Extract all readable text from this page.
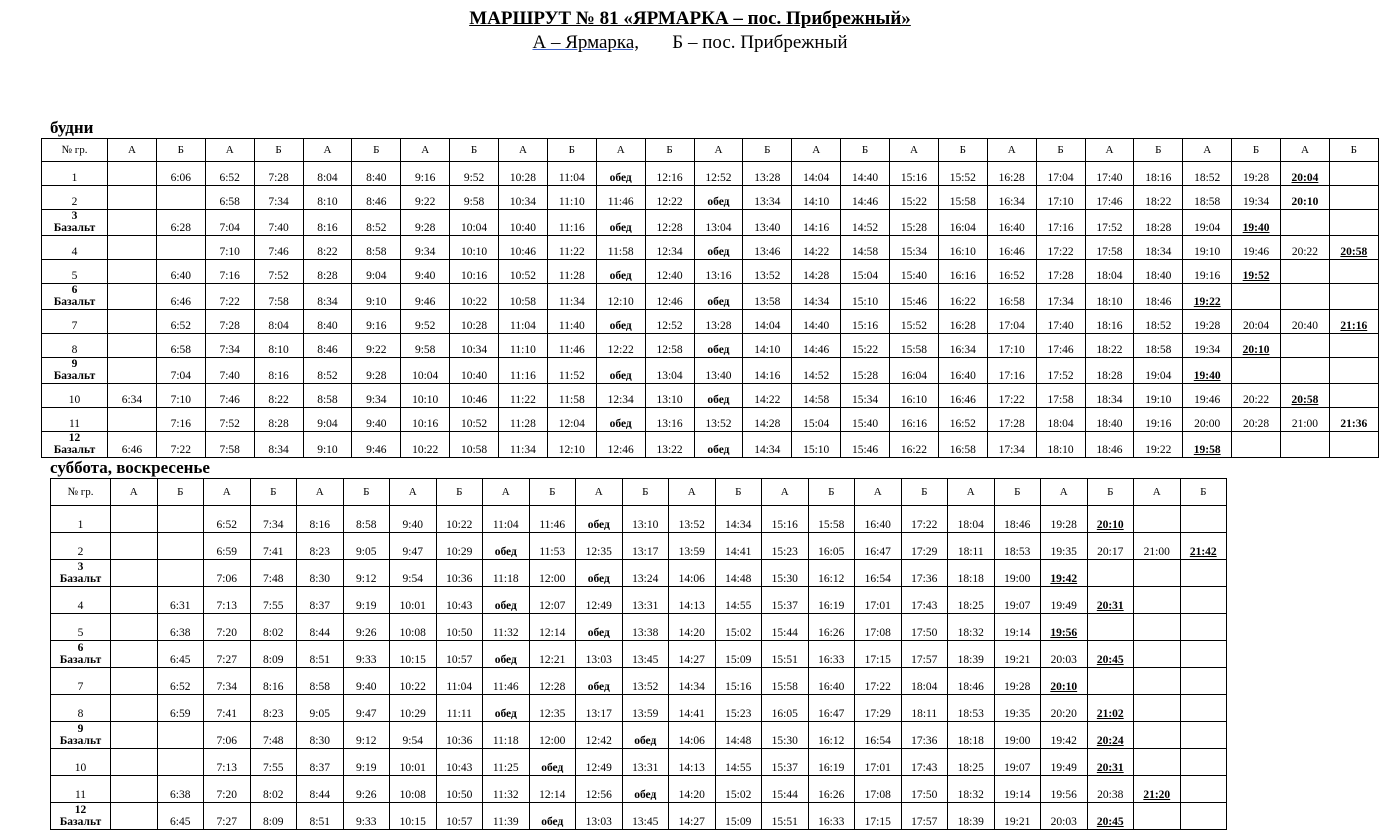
МАРШРУТ № 81 «ЯРМАРКА – пос. Прибрежный»
А – Ярмарка, Б – пос. Прибрежный
будни
№ гр.	А	Б	А	Б	А	Б	А	Б	А	Б	А	Б	А	Б	А	Б	А	Б	А	Б	А	Б	А	Б	А	Б
1		6:06	6:52	7:28	8:04	8:40	9:16	9:52	10:28	11:04	обед	12:16	12:52	13:28	14:04	14:40	15:16	15:52	16:28	17:04	17:40	18:16	18:52	19:28	20:04	
2			6:58	7:34	8:10	8:46	9:22	9:58	10:34	11:10	11:46	12:22	обед	13:34	14:10	14:46	15:22	15:58	16:34	17:10	17:46	18:22	18:58	19:34	20:10	
3
Базальт		6:28	7:04	7:40	8:16	8:52	9:28	10:04	10:40	11:16	обед	12:28	13:04	13:40	14:16	14:52	15:28	16:04	16:40	17:16	17:52	18:28	19:04	19:40		
4			7:10	7:46	8:22	8:58	9:34	10:10	10:46	11:22	11:58	12:34	обед	13:46	14:22	14:58	15:34	16:10	16:46	17:22	17:58	18:34	19:10	19:46	20:22	20:58
5		6:40	7:16	7:52	8:28	9:04	9:40	10:16	10:52	11:28	обед	12:40	13:16	13:52	14:28	15:04	15:40	16:16	16:52	17:28	18:04	18:40	19:16	19:52		
6
Базальт		6:46	7:22	7:58	8:34	9:10	9:46	10:22	10:58	11:34	12:10	12:46	обед	13:58	14:34	15:10	15:46	16:22	16:58	17:34	18:10	18:46	19:22			
7		6:52	7:28	8:04	8:40	9:16	9:52	10:28	11:04	11:40	обед	12:52	13:28	14:04	14:40	15:16	15:52	16:28	17:04	17:40	18:16	18:52	19:28	20:04	20:40	21:16
8		6:58	7:34	8:10	8:46	9:22	9:58	10:34	11:10	11:46	12:22	12:58	обед	14:10	14:46	15:22	15:58	16:34	17:10	17:46	18:22	18:58	19:34	20:10		
9
Базальт		7:04	7:40	8:16	8:52	9:28	10:04	10:40	11:16	11:52	обед	13:04	13:40	14:16	14:52	15:28	16:04	16:40	17:16	17:52	18:28	19:04	19:40			
10	6:34	7:10	7:46	8:22	8:58	9:34	10:10	10:46	11:22	11:58	12:34	13:10	обед	14:22	14:58	15:34	16:10	16:46	17:22	17:58	18:34	19:10	19:46	20:22	20:58	
11		7:16	7:52	8:28	9:04	9:40	10:16	10:52	11:28	12:04	обед	13:16	13:52	14:28	15:04	15:40	16:16	16:52	17:28	18:04	18:40	19:16	20:00	20:28	21:00	21:36
12
Базальт	6:46	7:22	7:58	8:34	9:10	9:46	10:22	10:58	11:34	12:10	12:46	13:22	обед	14:34	15:10	15:46	16:22	16:58	17:34	18:10	18:46	19:22	19:58			
суббота, воскресенье
№ гр.	А	Б	А	Б	А	Б	А	Б	А	Б	А	Б	А	Б	А	Б	А	Б	А	Б	А	Б	А	Б
1			6:52	7:34	8:16	8:58	9:40	10:22	11:04	11:46	обед	13:10	13:52	14:34	15:16	15:58	16:40	17:22	18:04	18:46	19:28	20:10		
2			6:59	7:41	8:23	9:05	9:47	10:29	обед	11:53	12:35	13:17	13:59	14:41	15:23	16:05	16:47	17:29	18:11	18:53	19:35	20:17	21:00	21:42
3
Базальт			7:06	7:48	8:30	9:12	9:54	10:36	11:18	12:00	обед	13:24	14:06	14:48	15:30	16:12	16:54	17:36	18:18	19:00	19:42			
4		6:31	7:13	7:55	8:37	9:19	10:01	10:43	обед	12:07	12:49	13:31	14:13	14:55	15:37	16:19	17:01	17:43	18:25	19:07	19:49	20:31		
5		6:38	7:20	8:02	8:44	9:26	10:08	10:50	11:32	12:14	обед	13:38	14:20	15:02	15:44	16:26	17:08	17:50	18:32	19:14	19:56			
6
Базальт		6:45	7:27	8:09	8:51	9:33	10:15	10:57	обед	12:21	13:03	13:45	14:27	15:09	15:51	16:33	17:15	17:57	18:39	19:21	20:03	20:45		
7		6:52	7:34	8:16	8:58	9:40	10:22	11:04	11:46	12:28	обед	13:52	14:34	15:16	15:58	16:40	17:22	18:04	18:46	19:28	20:10			
8		6:59	7:41	8:23	9:05	9:47	10:29	11:11	обед	12:35	13:17	13:59	14:41	15:23	16:05	16:47	17:29	18:11	18:53	19:35	20:20	21:02		
9
Базальт			7:06	7:48	8:30	9:12	9:54	10:36	11:18	12:00	12:42	обед	14:06	14:48	15:30	16:12	16:54	17:36	18:18	19:00	19:42	20:24		
10			7:13	7:55	8:37	9:19	10:01	10:43	11:25	обед	12:49	13:31	14:13	14:55	15:37	16:19	17:01	17:43	18:25	19:07	19:49	20:31		
11		6:38	7:20	8:02	8:44	9:26	10:08	10:50	11:32	12:14	12:56	обед	14:20	15:02	15:44	16:26	17:08	17:50	18:32	19:14	19:56	20:38	21:20	
12
Базальт		6:45	7:27	8:09	8:51	9:33	10:15	10:57	11:39	обед	13:03	13:45	14:27	15:09	15:51	16:33	17:15	17:57	18:39	19:21	20:03	20:45		
